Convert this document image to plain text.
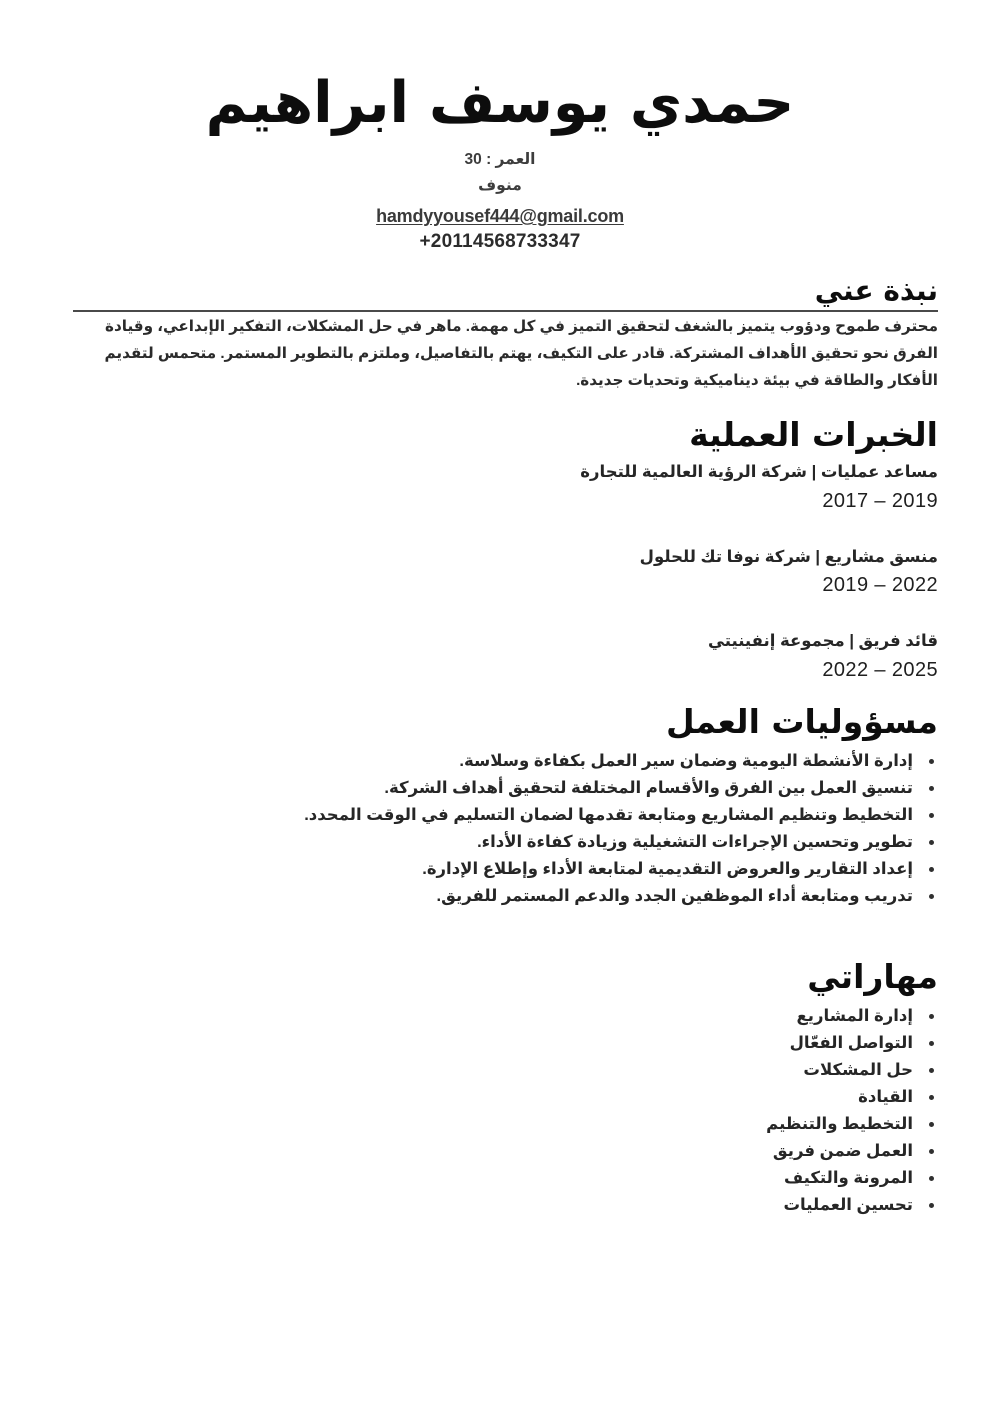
حمدي يوسف ابراهيم
العمر : 30
منوف
hamdyyousef444@gmail.com
+20114568733347
نبذة عني

محترف طموح ودؤوب يتميز بالشغف لتحقيق التميز في كل مهمة. ماهر في حل المشكلات، التفكير الإبداعي، وقيادة الفرق نحو تحقيق الأهداف المشتركة. قادر على التكيف، يهتم بالتفاصيل، وملتزم بالتطوير المستمر. متحمس لتقديم الأفكار والطاقة في بيئة ديناميكية وتحديات جديدة.

الخبرات العملية
مساعد عمليات | شركة الرؤية العالمية للتجارة
2017 – 2019
منسق مشاريع | شركة نوفا تك للحلول
2019 – 2022
قائد فريق | مجموعة إنفينيتي
2022 – 2025
مسؤوليات العمل
إدارة الأنشطة اليومية وضمان سير العمل بكفاءة وسلاسة.
تنسيق العمل بين الفرق والأقسام المختلفة لتحقيق أهداف الشركة.
التخطيط وتنظيم المشاريع ومتابعة تقدمها لضمان التسليم في الوقت المحدد.
تطوير وتحسين الإجراءات التشغيلية وزيادة كفاءة الأداء.
إعداد التقارير والعروض التقديمية لمتابعة الأداء وإطلاع الإدارة.
تدريب ومتابعة أداء الموظفين الجدد والدعم المستمر للفريق.
مهاراتي
إدارة المشاريع
التواصل الفعّال
حل المشكلات
القيادة
التخطيط والتنظيم
العمل ضمن فريق
المرونة والتكيف
تحسين العمليات
